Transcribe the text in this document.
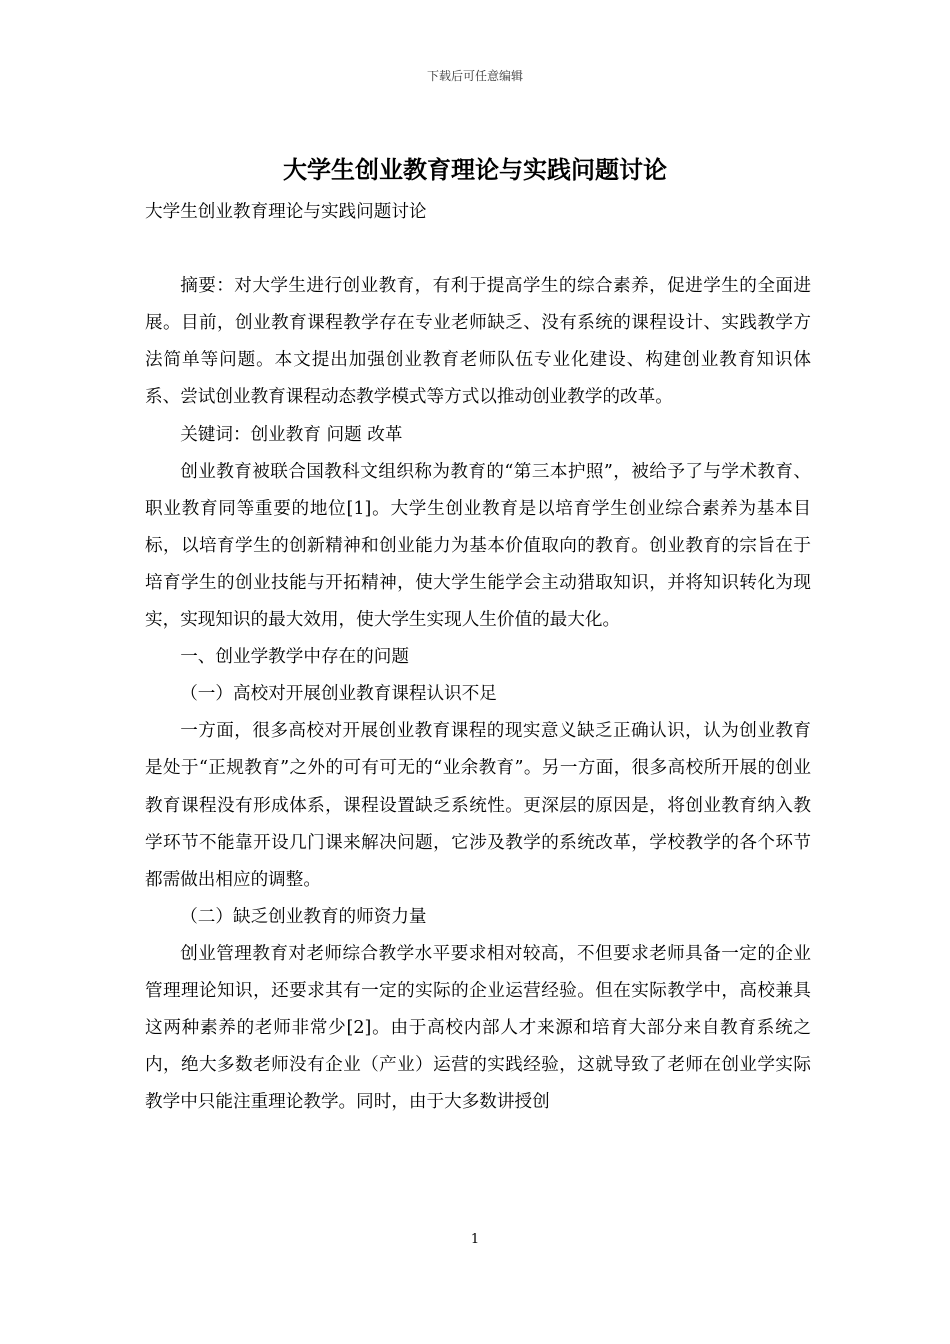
下载后可任意编辑
大学生创业教育理论与实践问题讨论

大学生创业教育理论与实践问题讨论

摘要：对大学生进行创业教育，有利于提高学生的综合素养，促进学生的全面进展。目前，创业教育课程教学存在专业老师缺乏、没有系统的课程设计、实践教学方法简单等问题。本文提出加强创业教育老师队伍专业化建设、构建创业教育知识体系、尝试创业教育课程动态教学模式等方式以推动创业教学的改革。

关键词：创业教育 问题 改革

创业教育被联合国教科文组织称为教育的“第三本护照”，被给予了与学术教育、职业教育同等重要的地位[1]。大学生创业教育是以培育学生创业综合素养为基本目标，以培育学生的创新精神和创业能力为基本价值取向的教育。创业教育的宗旨在于培育学生的创业技能与开拓精神，使大学生能学会主动猎取知识，并将知识转化为现实，实现知识的最大效用，使大学生实现人生价值的最大化。

一、创业学教学中存在的问题

（一）高校对开展创业教育课程认识不足

一方面，很多高校对开展创业教育课程的现实意义缺乏正确认识，认为创业教育是处于“正规教育”之外的可有可无的“业余教育”。另一方面，很多高校所开展的创业教育课程没有形成体系，课程设置缺乏系统性。更深层的原因是，将创业教育纳入教学环节不能靠开设几门课来解决问题，它涉及教学的系统改革，学校教学的各个环节都需做出相应的调整。

（二）缺乏创业教育的师资力量

创业管理教育对老师综合教学水平要求相对较高，不但要求老师具备一定的企业管理理论知识，还要求其有一定的实际的企业运营经验。但在实际教学中，高校兼具这两种素养的老师非常少[2]。由于高校内部人才来源和培育大部分来自教育系统之内，绝大多数老师没有企业（产业）运营的实践经验，这就导致了老师在创业学实际教学中只能注重理论教学。同时，由于大多数讲授创

1
